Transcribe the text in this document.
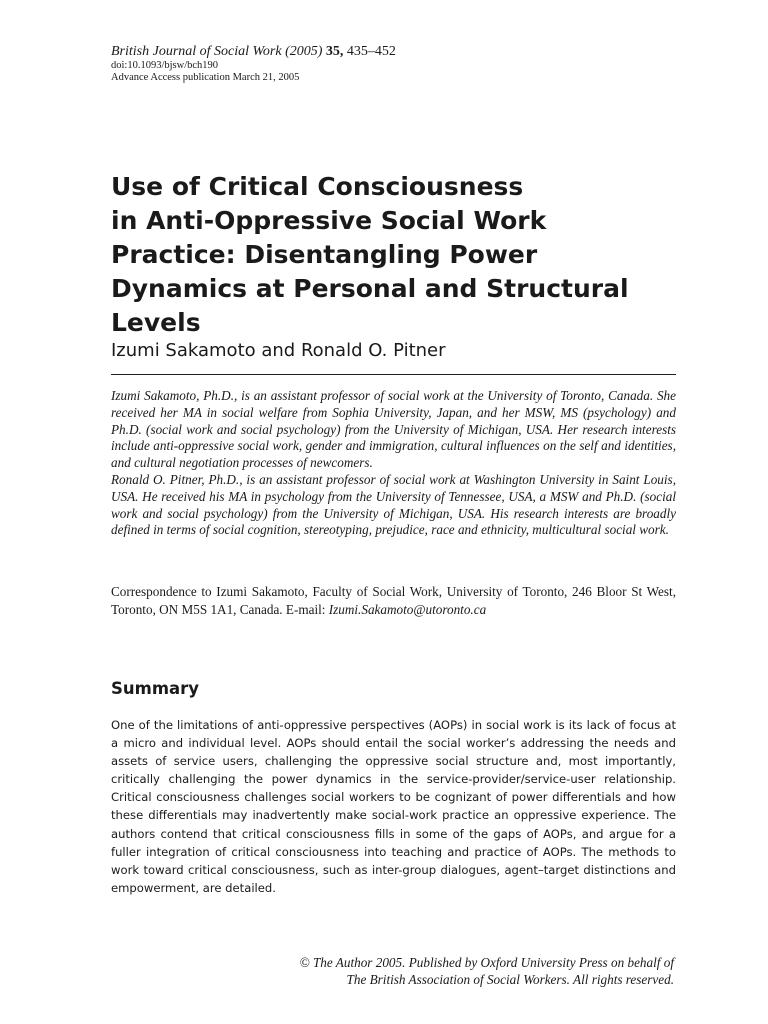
British Journal of Social Work (2005) 35, 435–452
doi:10.1093/bjsw/bch190
Advance Access publication March 21, 2005
Use of Critical Consciousness
in Anti-Oppressive Social Work
Practice: Disentangling Power
Dynamics at Personal and Structural
Levels
Izumi Sakamoto and Ronald O. Pitner

Izumi Sakamoto, Ph.D., is an assistant professor of social work at the University of Toronto, Canada. She received her MA in social welfare from Sophia University, Japan, and her MSW, MS (psychology) and Ph.D. (social work and social psychology) from the University of Michigan, USA. Her research interests include anti-oppressive social work, gender and immigration, cultural influences on the self and identities, and cultural negotiation processes of newcomers.

Ronald O. Pitner, Ph.D., is an assistant professor of social work at Washington University in Saint Louis, USA. He received his MA in psychology from the University of Tennessee, USA, a MSW and Ph.D. (social work and social psychology) from the University of Michigan, USA. His research interests are broadly defined in terms of social cognition, stereotyping, prejudice, race and ethnicity, multicultural social work.

Correspondence to Izumi Sakamoto, Faculty of Social Work, University of Toronto, 246 Bloor St West, Toronto, ON M5S 1A1, Canada. E-mail: Izumi.Sakamoto@utoronto.ca
Summary

One of the limitations of anti-oppressive perspectives (AOPs) in social work is its lack of focus at a micro and individual level. AOPs should entail the social worker’s addressing the needs and assets of service users, challenging the oppressive social structure and, most importantly, critically challenging the power dynamics in the service-provider/service-user relationship. Critical consciousness challenges social workers to be cognizant of power differentials and how these differentials may inadvertently make social-work practice an oppressive experience. The authors contend that critical consciousness fills in some of the gaps of AOPs, and argue for a fuller integration of critical consciousness into teaching and practice of AOPs. The methods to work toward critical consciousness, such as inter-group dialogues, agent–target distinctions and empowerment, are detailed.

© The Author 2005. Published by Oxford University Press on behalf of
The British Association of Social Workers. All rights reserved.
